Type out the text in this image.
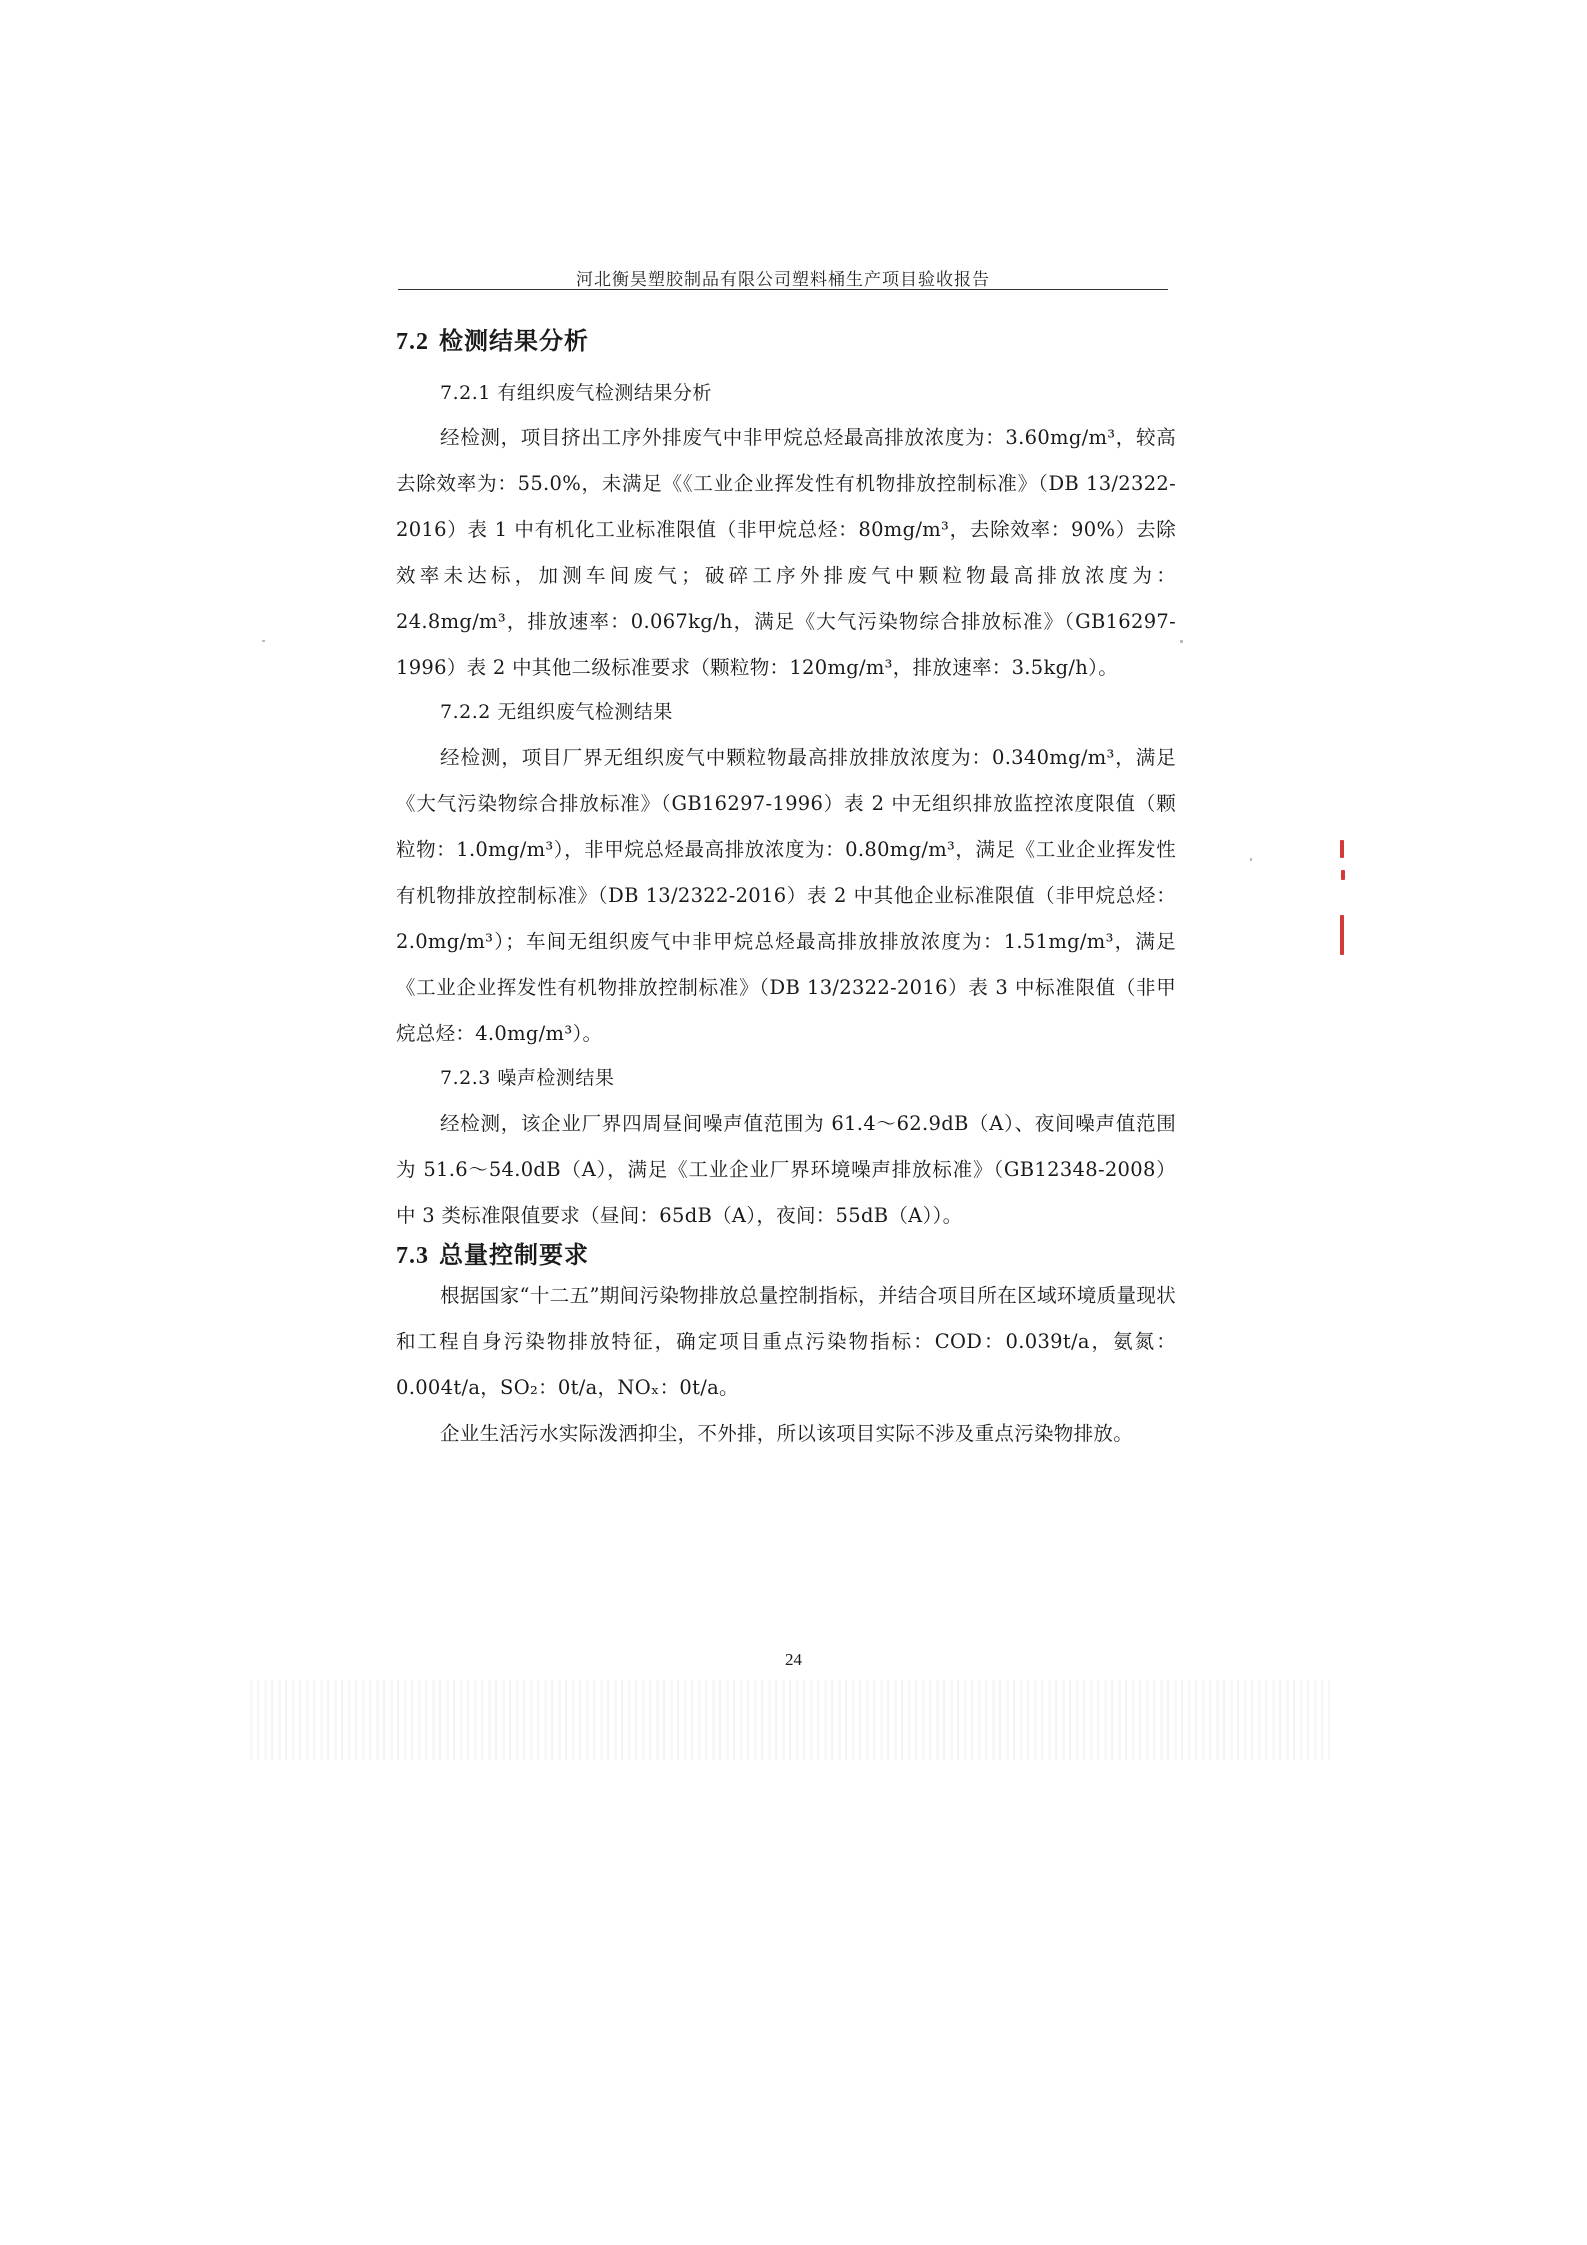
河北衡昊塑胶制品有限公司塑料桶生产项目验收报告
7.2 检测结果分析

7.2.1 有组织废气检测结果分析

经检测，项目挤出工序外排废气中非甲烷总烃最高排放浓度为：3.60mg/m³，较高去除效率为：55.0%，未满足《《工业企业挥发性有机物排放控制标准》（DB 13/2322-2016）表 1 中有机化工业标准限值（非甲烷总烃：80mg/m³，去除效率：90%）去除效率未达标，加测车间废气；破碎工序外排废气中颗粒物最高排放浓度为：24.8mg/m³，排放速率：0.067kg/h，满足《大气污染物综合排放标准》（GB16297-1996）表 2 中其他二级标准要求（颗粒物：120mg/m³，排放速率：3.5kg/h）。

7.2.2 无组织废气检测结果

经检测，项目厂界无组织废气中颗粒物最高排放排放浓度为：0.340mg/m³，满足《大气污染物综合排放标准》（GB16297-1996）表 2 中无组织排放监控浓度限值（颗粒物：1.0mg/m³），非甲烷总烃最高排放浓度为：0.80mg/m³，满足《工业企业挥发性有机物排放控制标准》（DB 13/2322-2016）表 2 中其他企业标准限值（非甲烷总烃：2.0mg/m³）；车间无组织废气中非甲烷总烃最高排放排放浓度为：1.51mg/m³，满足《工业企业挥发性有机物排放控制标准》（DB 13/2322-2016）表 3 中标准限值（非甲烷总烃：4.0mg/m³）。

7.2.3 噪声检测结果

经检测，该企业厂界四周昼间噪声值范围为 61.4～62.9dB（A）、夜间噪声值范围为 51.6～54.0dB（A），满足《工业企业厂界环境噪声排放标准》（GB12348-2008）中 3 类标准限值要求（昼间：65dB（A），夜间：55dB（A））。

7.3 总量控制要求

根据国家“十二五”期间污染物排放总量控制指标，并结合项目所在区域环境质量现状和工程自身污染物排放特征，确定项目重点污染物指标：COD：0.039t/a，氨氮：0.004t/a，SO₂：0t/a，NOₓ：0t/a。

企业生活污水实际泼洒抑尘，不外排，所以该项目实际不涉及重点污染物排放。

24
